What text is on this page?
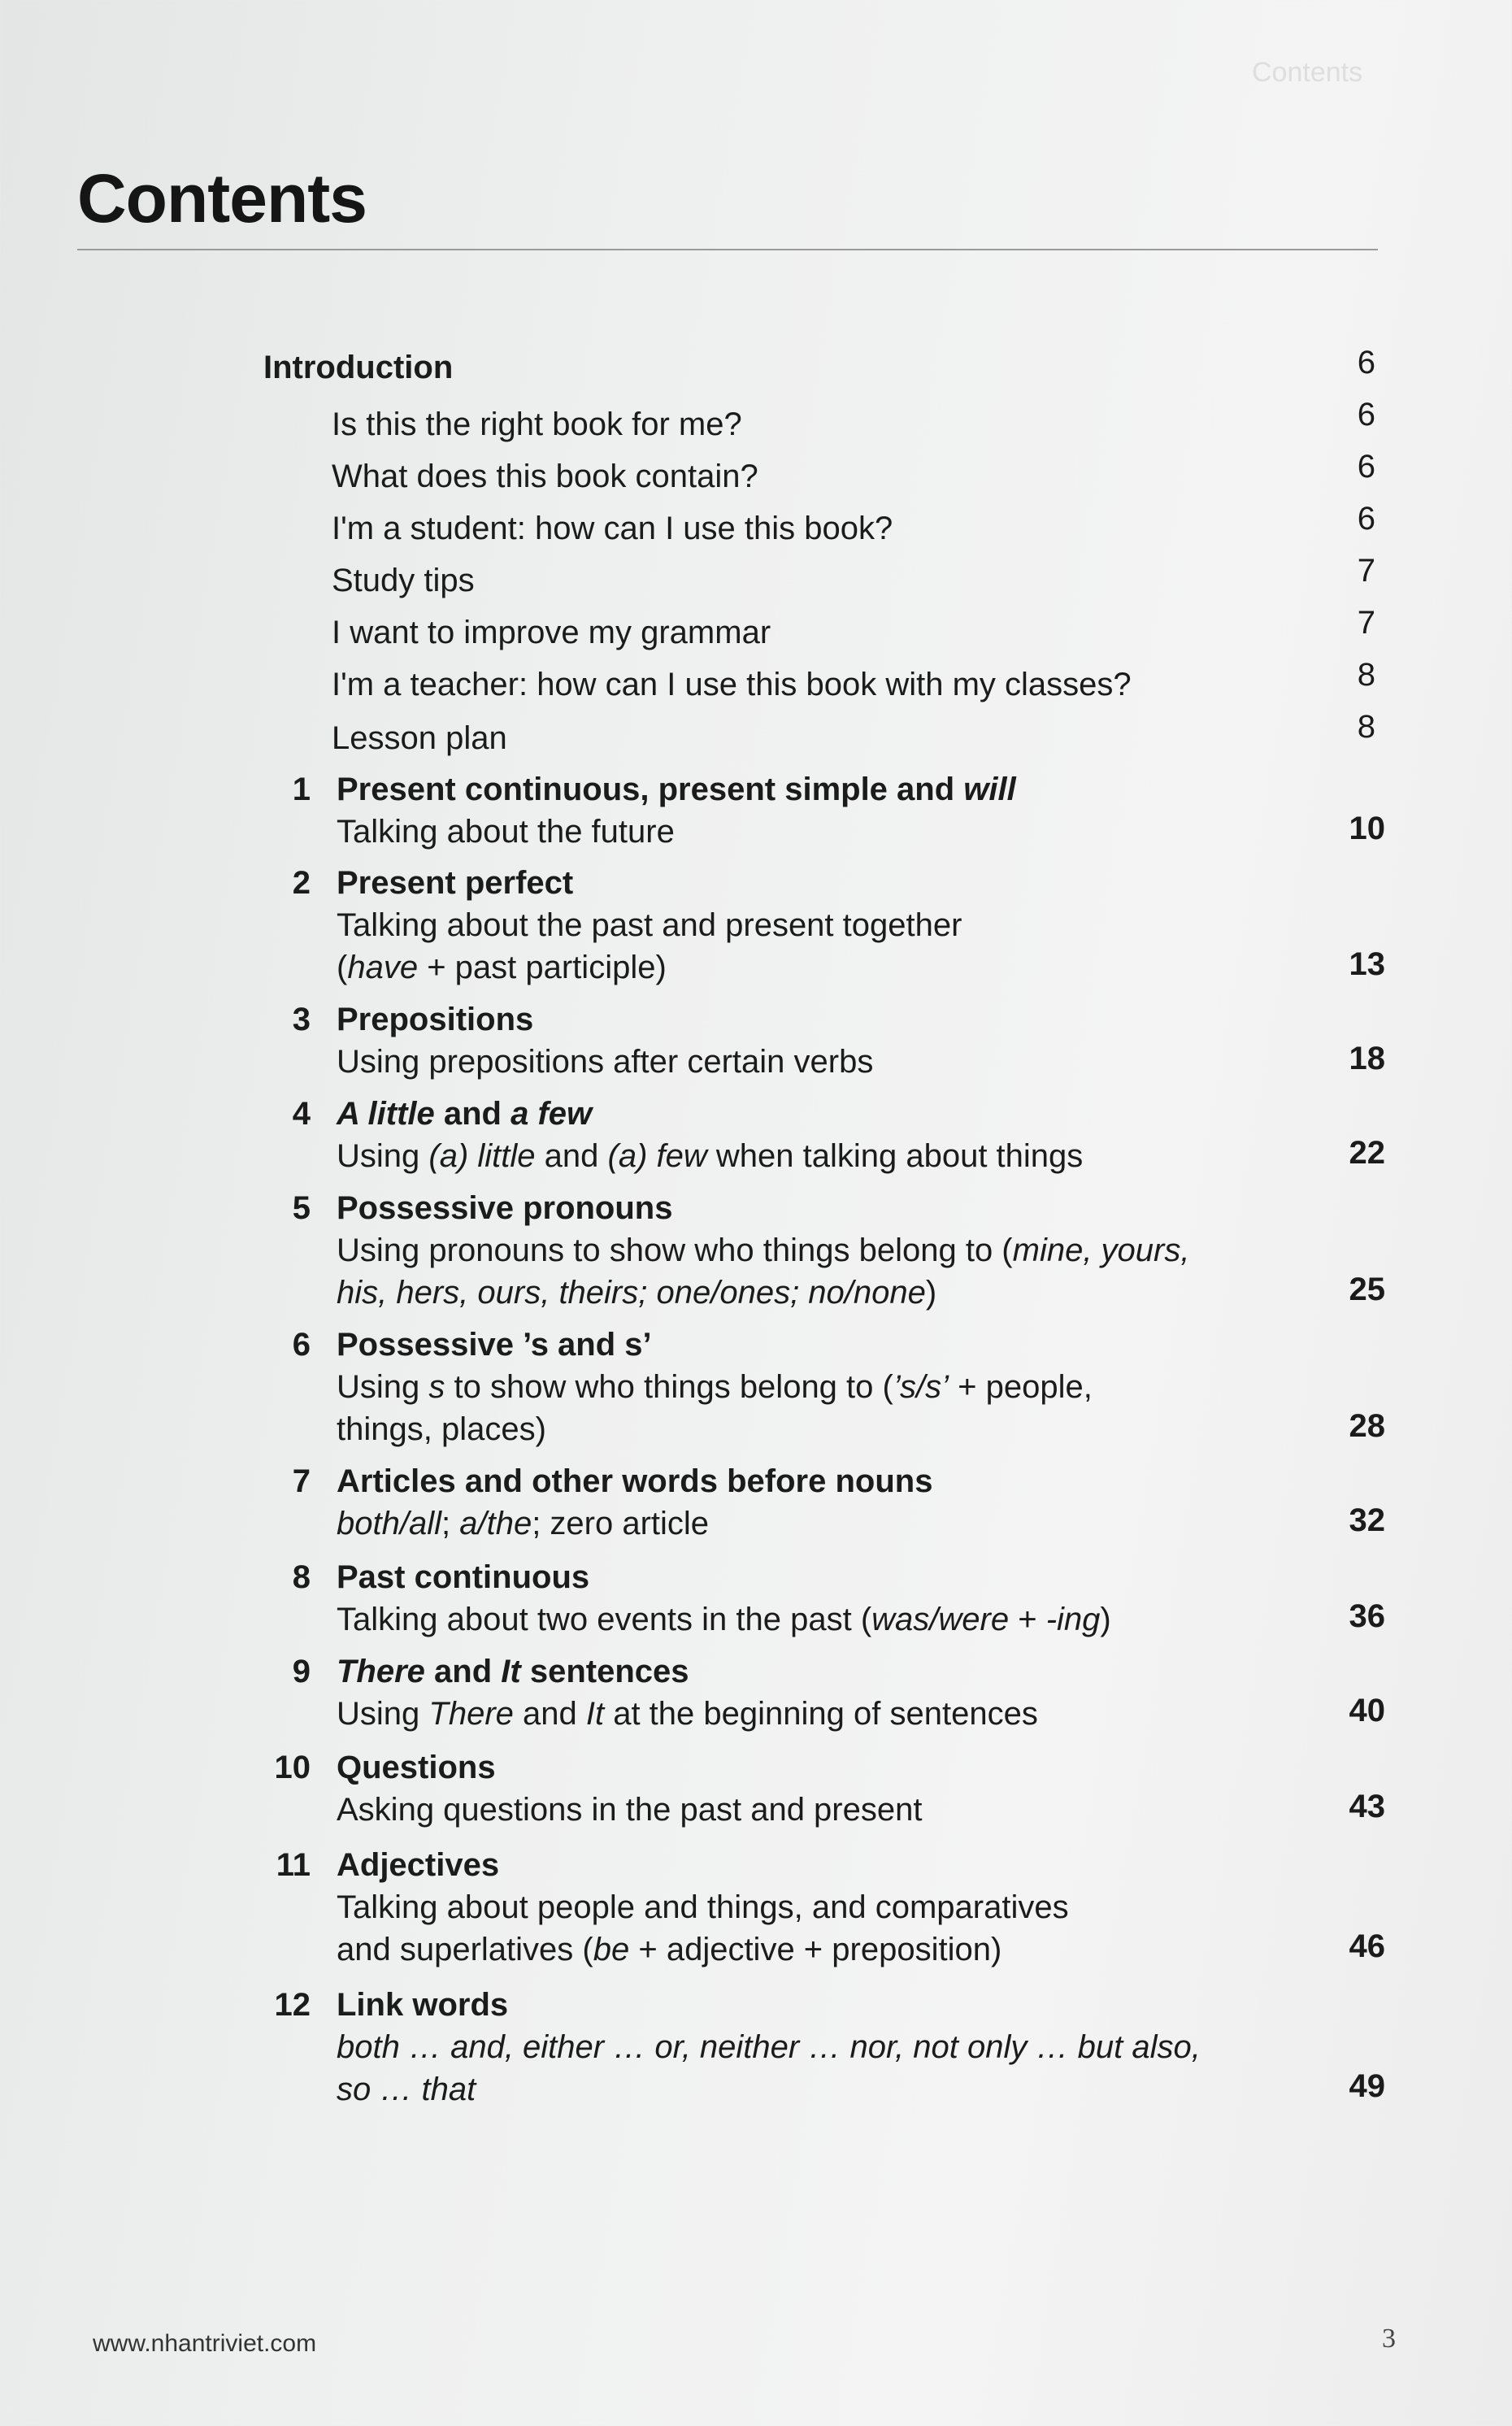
Contents
Contents
Introduction	6
Is this the right book for me?	6
What does this book contain?	6
I'm a student: how can I use this book?	6
Study tips	7
I want to improve my grammar	7
I'm a teacher: how can I use this book with my classes?	8
Lesson plan	8
1 Present continuous, present simple and will
Talking about the future	10
2 Present perfect
Talking about the past and present together
(have + past participle)	13
3 Prepositions
Using prepositions after certain verbs	18
4 A little and a few
Using (a) little and (a) few when talking about things	22
5 Possessive pronouns
Using pronouns to show who things belong to (mine, yours,
his, hers, ours, theirs; one/ones; no/none)	25
6 Possessive ’s and s’
Using s to show who things belong to (’s/s’ + people,
things, places)	28
7 Articles and other words before nouns
both/all; a/the; zero article	32
8 Past continuous
Talking about two events in the past (was/were + -ing)	36
9 There and It sentences
Using There and It at the beginning of sentences	40
10 Questions
Asking questions in the past and present	43
11 Adjectives
Talking about people and things, and comparatives
and superlatives (be + adjective + preposition)	46
12 Link words
both … and, either … or, neither … nor, not only … but also,
so … that	49
www.nhantriviet.com	3
